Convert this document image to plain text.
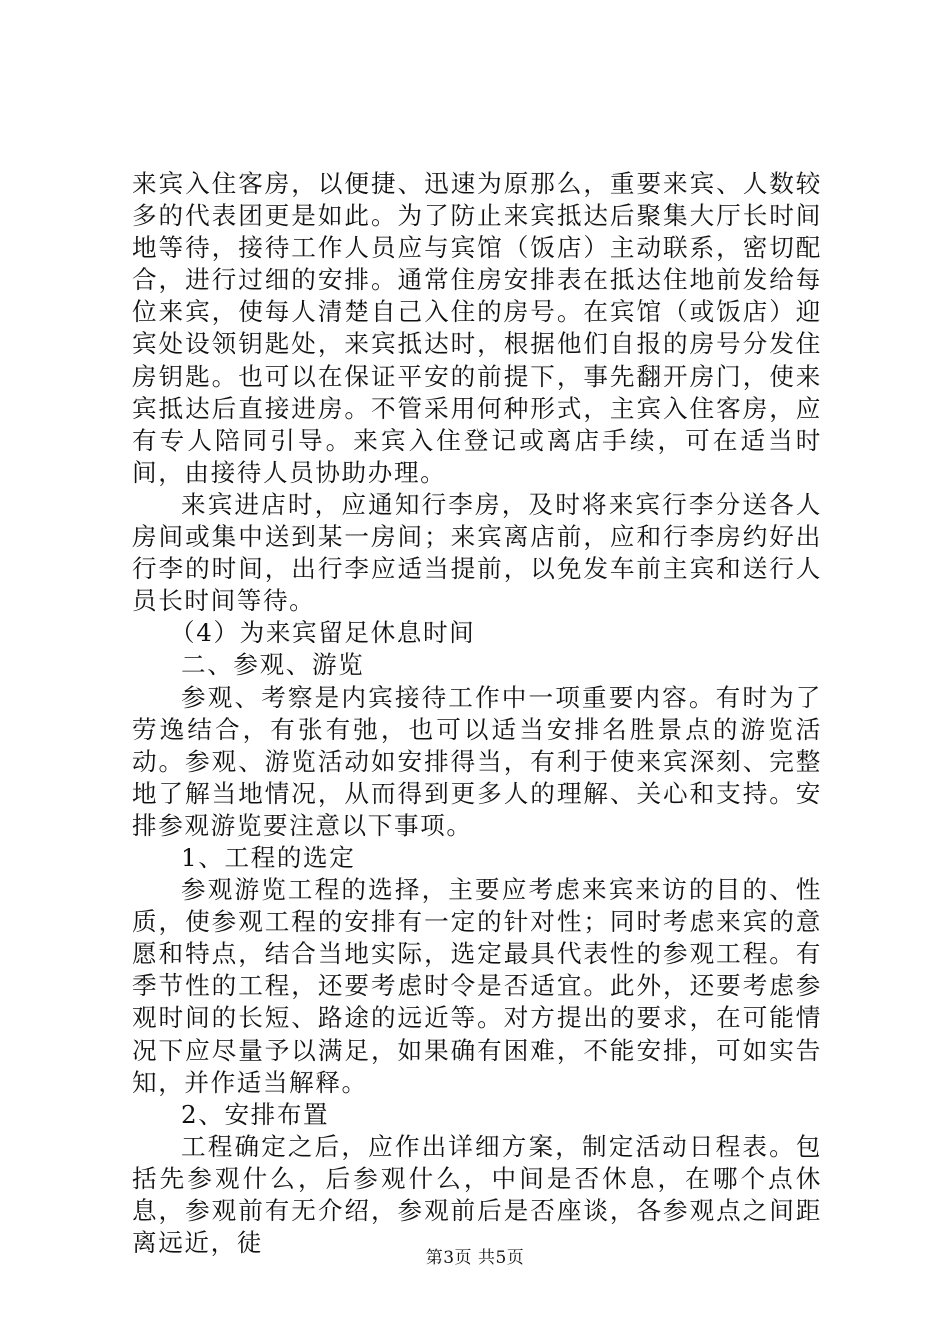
来宾入住客房，以便捷、迅速为原那么，重要来宾、人数较多的代表团更是如此。为了防止来宾抵达后聚集大厅长时间地等待，接待工作人员应与宾馆（饭店）主动联系，密切配合，进行过细的安排。通常住房安排表在抵达住地前发给每位来宾，使每人清楚自己入住的房号。在宾馆（或饭店）迎宾处设领钥匙处，来宾抵达时，根据他们自报的房号分发住房钥匙。也可以在保证平安的前提下，事先翻开房门，使来宾抵达后直接进房。不管采用何种形式，主宾入住客房，应有专人陪同引导。来宾入住登记或离店手续，可在适当时间，由接待人员协助办理。

来宾进店时，应通知行李房，及时将来宾行李分送各人房间或集中送到某一房间；来宾离店前，应和行李房约好出行李的时间，出行李应适当提前，以免发车前主宾和送行人员长时间等待。

（4）为来宾留足休息时间

二、参观、游览

参观、考察是内宾接待工作中一项重要内容。有时为了劳逸结合，有张有弛，也可以适当安排名胜景点的游览活动。参观、游览活动如安排得当，有利于使来宾深刻、完整地了解当地情况，从而得到更多人的理解、关心和支持。安排参观游览要注意以下事项。

1、工程的选定

参观游览工程的选择，主要应考虑来宾来访的目的、性质，使参观工程的安排有一定的针对性；同时考虑来宾的意愿和特点，结合当地实际，选定最具代表性的参观工程。有季节性的工程，还要考虑时令是否适宜。此外，还要考虑参观时间的长短、路途的远近等。对方提出的要求，在可能情况下应尽量予以满足，如果确有困难，不能安排，可如实告知，并作适当解释。

2、安排布置

工程确定之后，应作出详细方案，制定活动日程表。包括先参观什么，后参观什么，中间是否休息，在哪个点休息，参观前有无介绍，参观前后是否座谈，各参观点之间距离远近，徒

第3页 共5页
